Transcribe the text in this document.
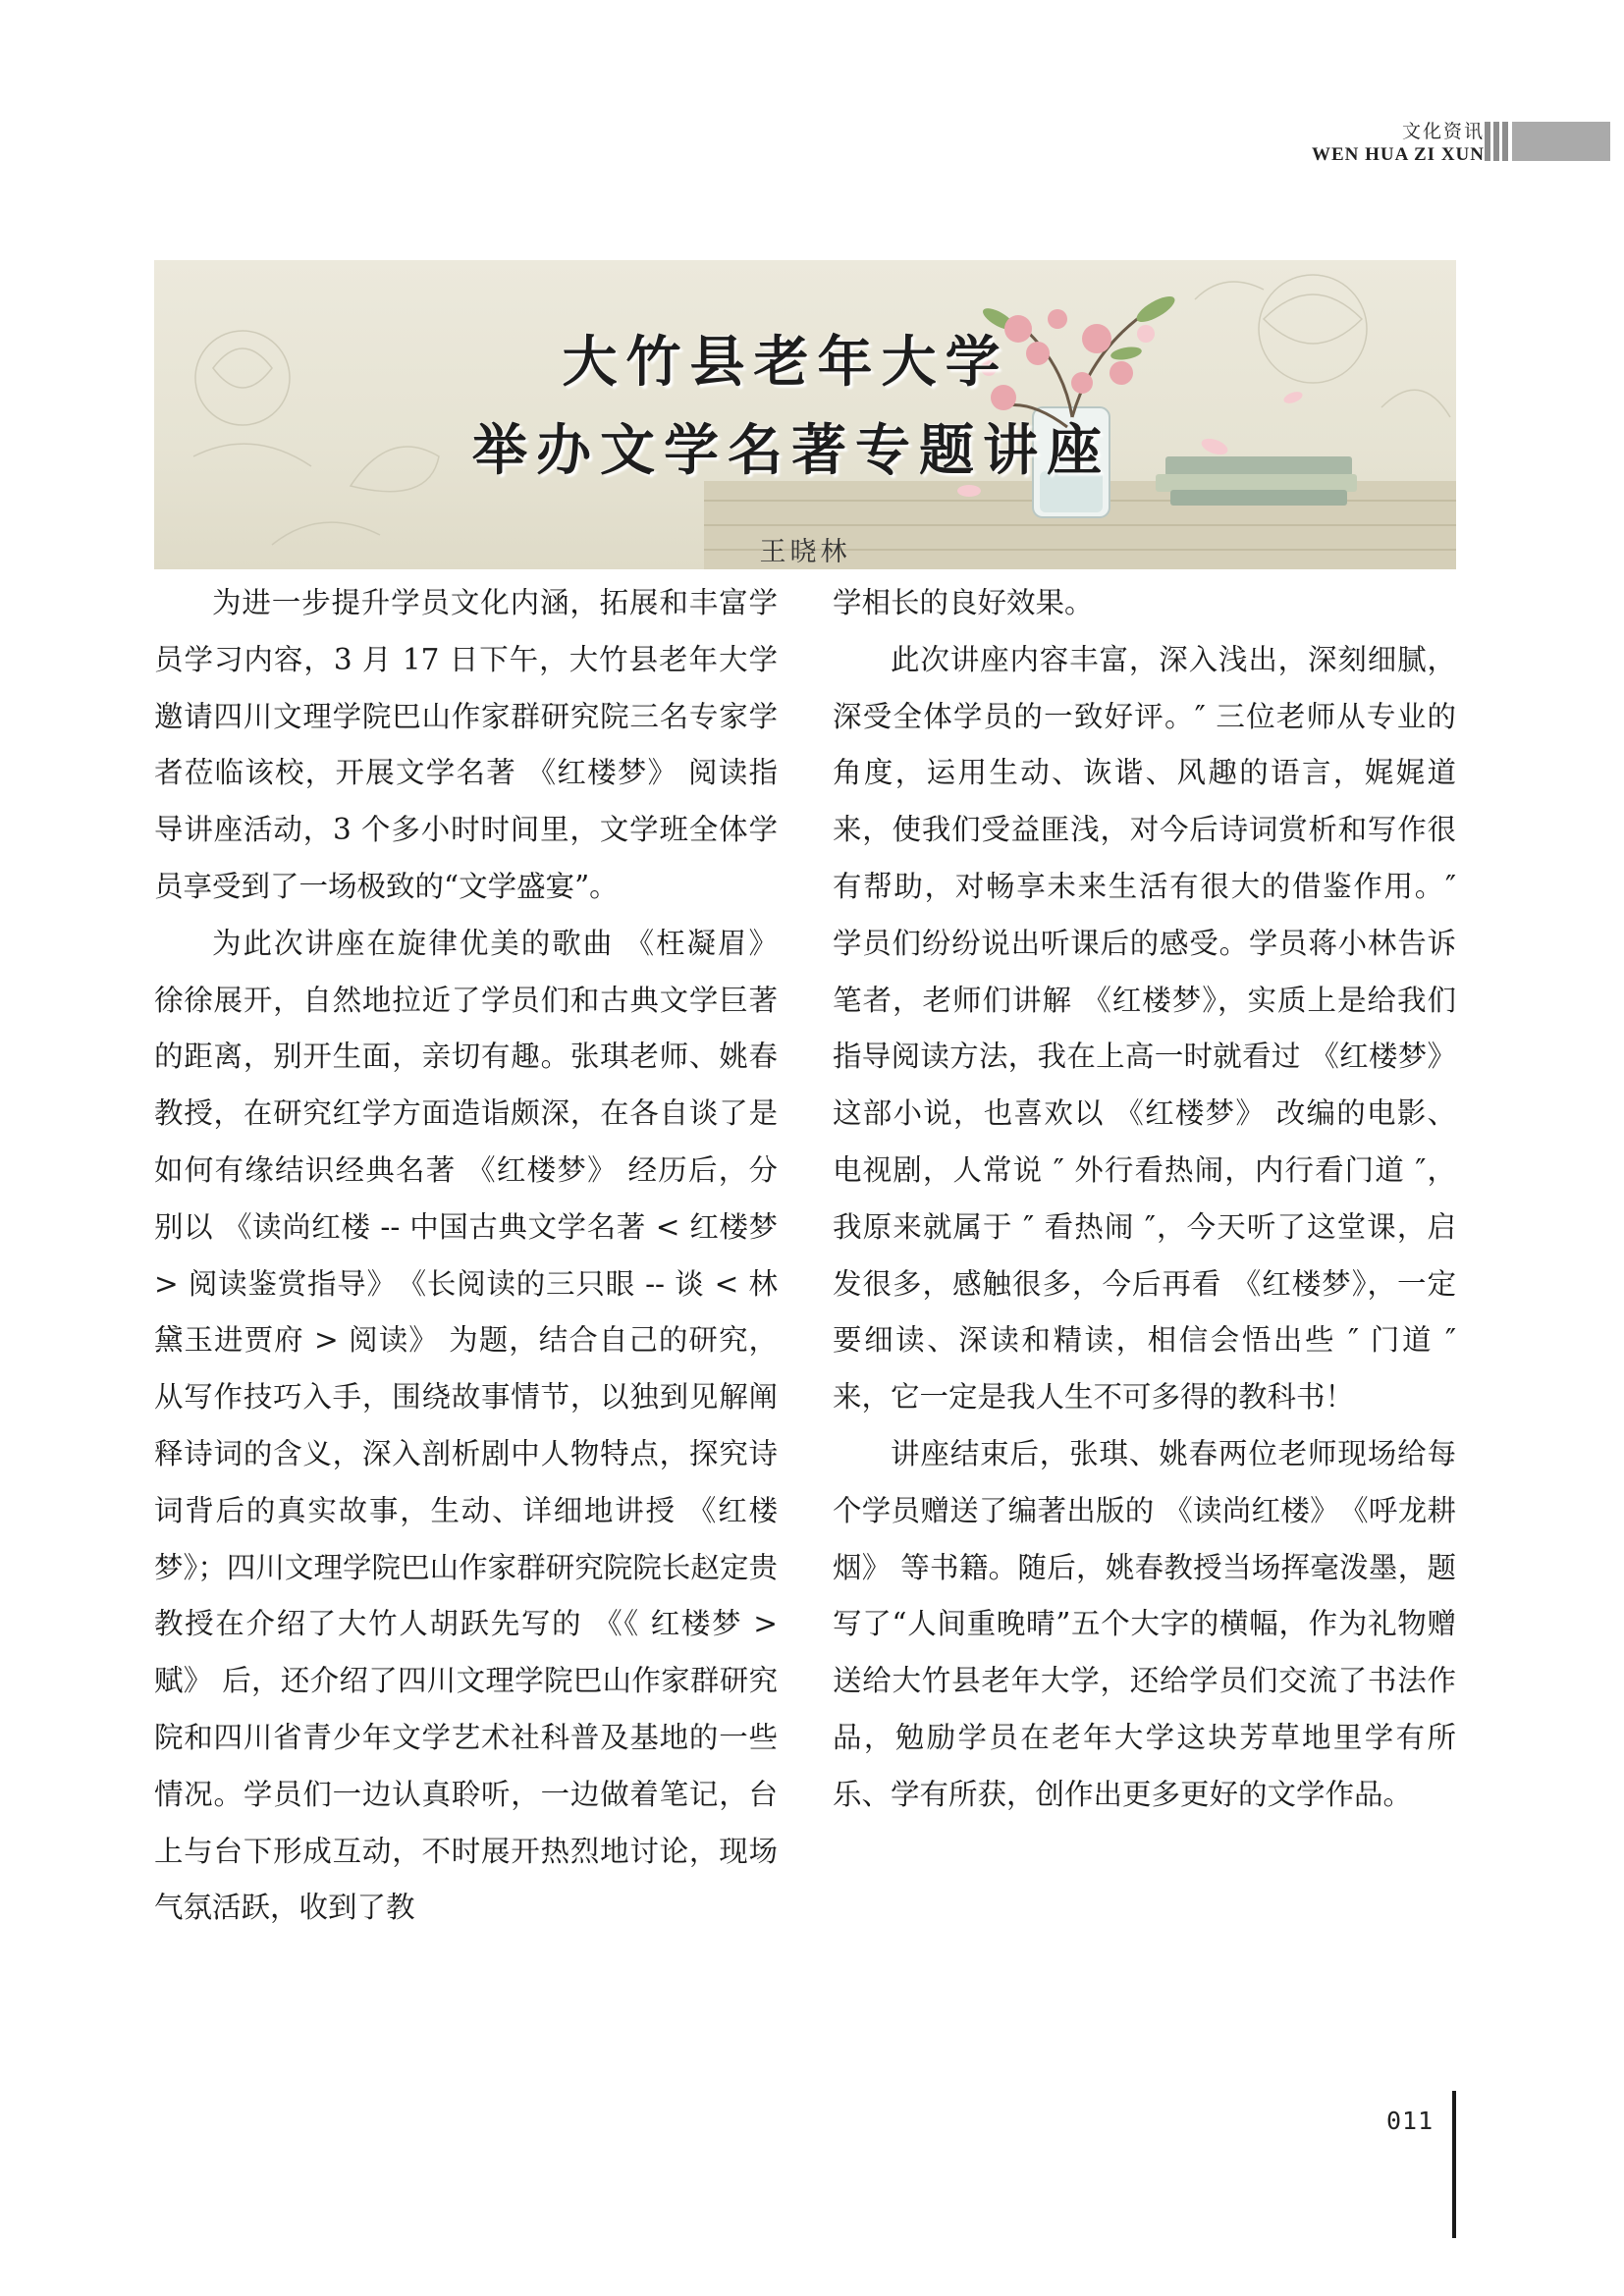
文化资讯
WEN HUA ZI XUN
大竹县老年大学
举办文学名著专题讲座
王晓林

为进一步提升学员文化内涵，拓展和丰富学员学习内容，3 月 17 日下午，大竹县老年大学邀请四川文理学院巴山作家群研究院三名专家学者莅临该校，开展文学名著 《红楼梦》 阅读指导讲座活动，3 个多小时时间里，文学班全体学员享受到了一场极致的“文学盛宴”。

为此次讲座在旋律优美的歌曲 《枉凝眉》 徐徐展开，自然地拉近了学员们和古典文学巨著的距离，别开生面，亲切有趣。张琪老师、姚春教授，在研究红学方面造诣颇深，在各自谈了是如何有缘结识经典名著 《红楼梦》 经历后，分别以 《读尚红楼 -- 中国古典文学名著 < 红楼梦 > 阅读鉴赏指导》　《长阅读的三只眼 -- 谈 < 林黛玉进贾府 > 阅读》 为题，结合自己的研究，从写作技巧入手，围绕故事情节，以独到见解阐释诗词的含义，深入剖析剧中人物特点，探究诗词背后的真实故事，生动、详细地讲授 《红楼梦》；四川文理学院巴山作家群研究院院长赵定贵教授在介绍了大竹人胡跃先写的 《《 红楼梦 > 赋》 后，还介绍了四川文理学院巴山作家群研究院和四川省青少年文学艺术社科普及基地的一些情况。学员们一边认真聆听，一边做着笔记，台上与台下形成互动，不时展开热烈地讨论，现场气氛活跃，收到了教

学相长的良好效果。

此次讲座内容丰富，深入浅出，深刻细腻，深受全体学员的一致好评。″ 三位老师从专业的角度，运用生动、诙谐、风趣的语言，娓娓道来，使我们受益匪浅，对今后诗词赏析和写作很有帮助，对畅享未来生活有很大的借鉴作用。″ 学员们纷纷说出听课后的感受。学员蒋小林告诉笔者，老师们讲解 《红楼梦》，实质上是给我们指导阅读方法，我在上高一时就看过 《红楼梦》 这部小说，也喜欢以 《红楼梦》 改编的电影、电视剧，人常说 ″ 外行看热闹，内行看门道 ″，我原来就属于 ″ 看热闹 ″，今天听了这堂课，启发很多，感触很多，今后再看 《红楼梦》，一定要细读、深读和精读，相信会悟出些 ″ 门道 ″ 来，它一定是我人生不可多得的教科书！

讲座结束后，张琪、姚春两位老师现场给每个学员赠送了编著出版的 《读尚红楼》　《呼龙耕烟》 等书籍。随后，姚春教授当场挥毫泼墨，题写了“人间重晚晴”五个大字的横幅，作为礼物赠送给大竹县老年大学，还给学员们交流了书法作品，勉励学员在老年大学这块芳草地里学有所乐、学有所获，创作出更多更好的文学作品。

011
